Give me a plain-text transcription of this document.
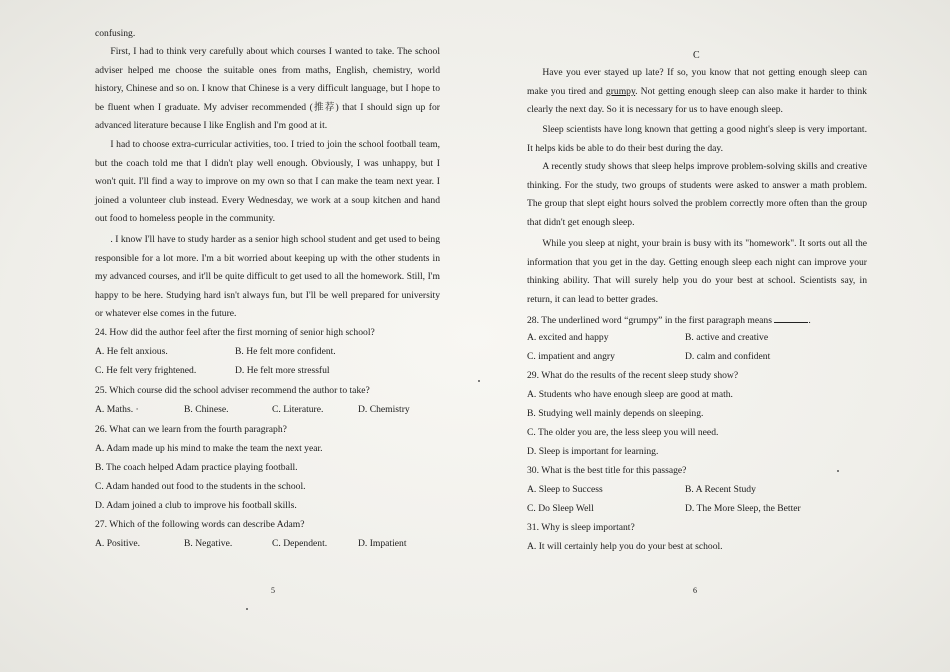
confusing.
First, I had to think very carefully about which courses I wanted to take. The school adviser helped me choose the suitable ones from maths, English, chemistry, world history, Chinese and so on. I know that Chinese is a very difficult language, but I hope to be fluent when I graduate. My adviser recommended (推荐) that I should sign up for advanced literature because I like English and I'm good at it.
I had to choose extra-curricular activities, too. I tried to join the school football team, but the coach told me that I didn't play well enough. Obviously, I was unhappy, but I won't quit. I'll find a way to improve on my own so that I can make the team next year. I joined a volunteer club instead. Every Wednesday, we work at a soup kitchen and hand out food to homeless people in the community.
. I know I'll have to study harder as a senior high school student and get used to being responsible for a lot more. I'm a bit worried about keeping up with the other students in my advanced courses, and it'll be quite difficult to get used to all the homework. Still, I'm happy to be here. Studying hard isn't always fun, but I'll be well prepared for university or whatever else comes in the future.
24. How did the author feel after the first morning of senior high school?
A. He felt anxious.	B. He felt more confident.
C. He felt very frightened.	D. He felt more stressful
25. Which course did the school adviser recommend the author to take?
A. Maths. ·	B. Chinese.	C. Literature.	D. Chemistry
26. What can we learn from the fourth paragraph?
A. Adam made up his mind to make the team the next year.
B. The coach helped Adam practice playing football.
C. Adam handed out food to the students in the school.
D. Adam joined a club to improve his football skills.
27. Which of the following words can describe Adam?
A. Positive.	B. Negative.	C. Dependent.	D. Impatient
5
C
Have you ever stayed up late? If so, you know that not getting enough sleep can make you tired and grumpy. Not getting enough sleep can also make it harder to think clearly the next day. So it is necessary for us to have enough sleep.
Sleep scientists have long known that getting a good night's sleep is very important. It helps kids be able to do their best during the day.
A recently study shows that sleep helps improve problem-solving skills and creative thinking. For the study, two groups of students were asked to answer a math problem. The group that slept eight hours solved the problem correctly more often than the group that didn't get enough sleep.
While you sleep at night, your brain is busy with its "homework". It sorts out all the information that you get in the day. Getting enough sleep each night can improve your thinking ability. That will surely help you do your best at school. Scientists say, in return, it can lead to better grades.
28. The underlined word “grumpy” in the first paragraph means	.
A. excited and happy	B. active and creative
C. impatient and angry	D. calm and confident
29. What do the results of the recent sleep study show?
A. Students who have enough sleep are good at math.
B. Studying well mainly depends on sleeping.
C. The older you are, the less sleep you will need.
D. Sleep is important for learning.
30. What is the best title for this passage?
A. Sleep to Success	B. A Recent Study
C. Do Sleep Well	D. The More Sleep, the Better
31. Why is sleep important?
A. It will certainly help you do your best at school.
6
